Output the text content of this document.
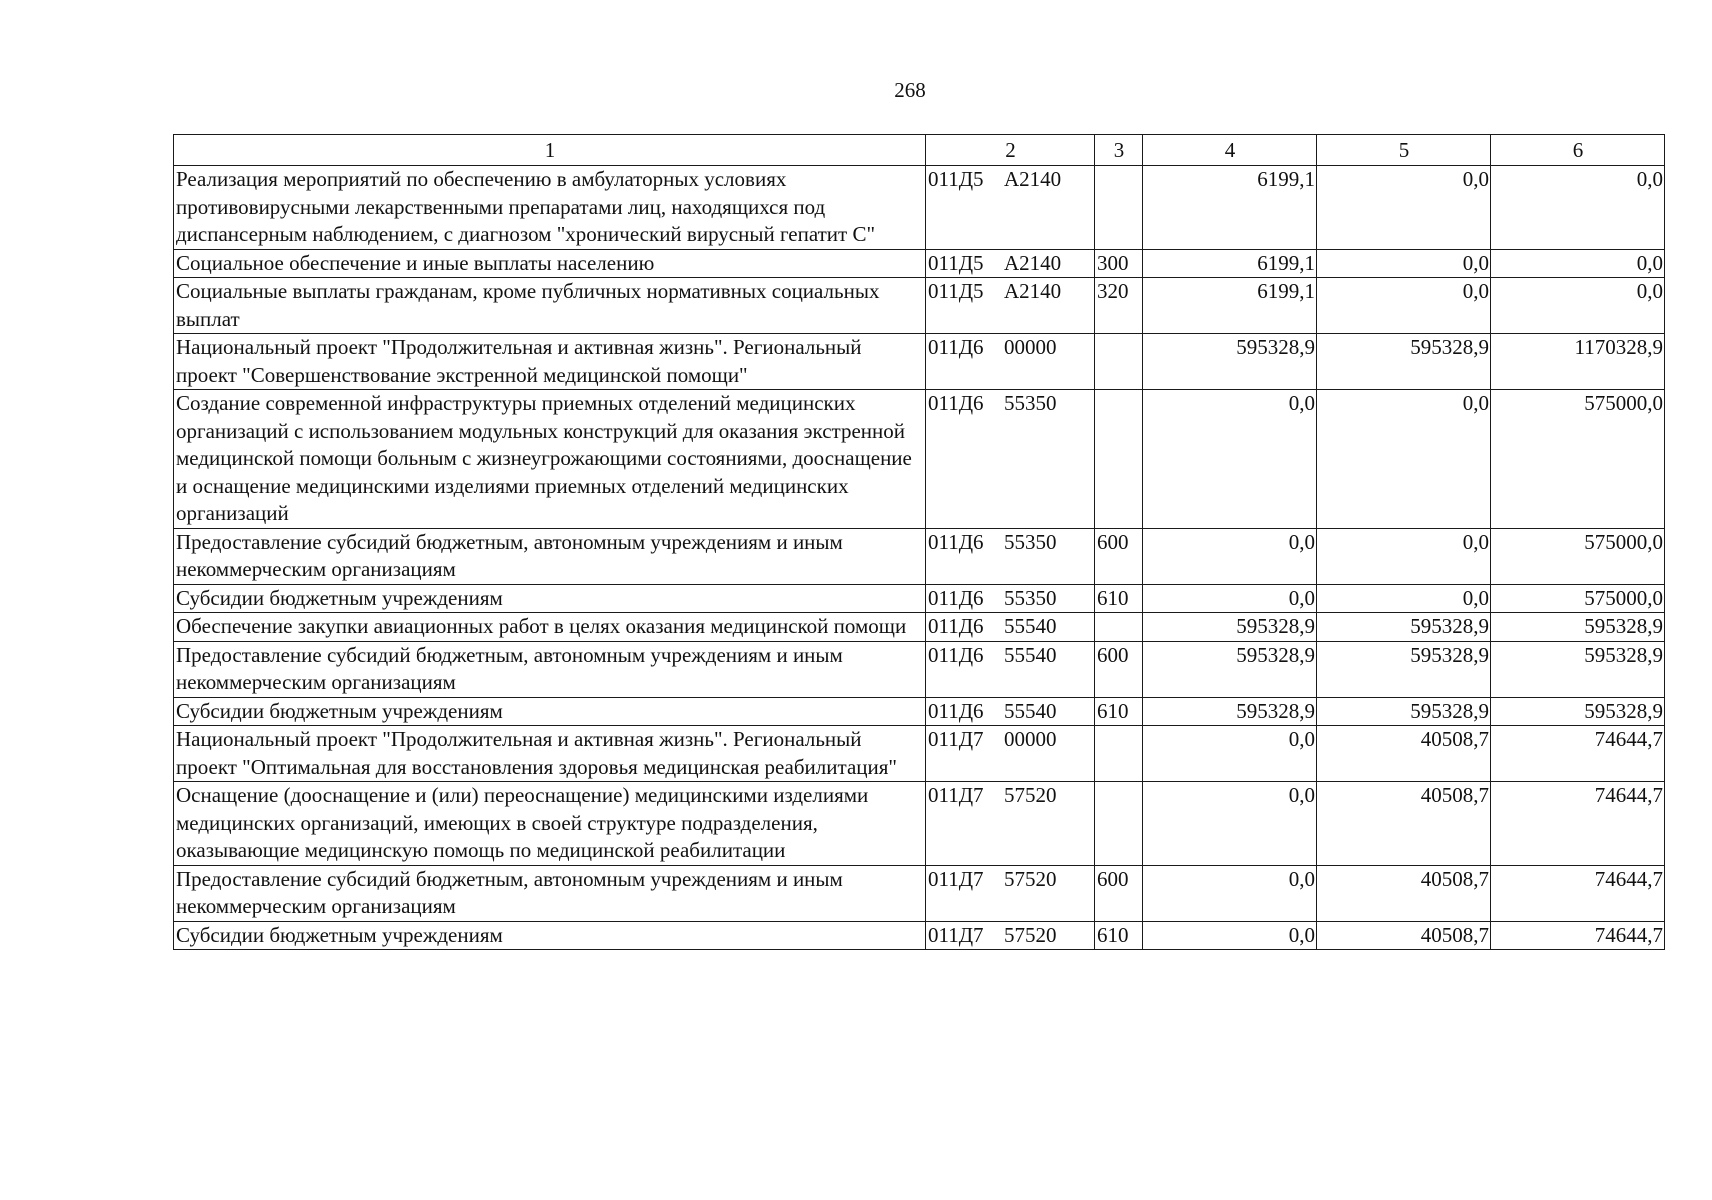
268
1	2	3	4	5	6
Реализация мероприятий по обеспечению в амбулаторных условиях противовирусными лекарственными препаратами лиц, находящихся под диспансерным наблюдением, с диагнозом "хронический вирусный гепатит С"	011Д5 А2140		6199,1	0,0	0,0
Социальное обеспечение и иные выплаты населению	011Д5 А2140	300	6199,1	0,0	0,0
Социальные выплаты гражданам, кроме публичных нормативных социальных выплат	011Д5 А2140	320	6199,1	0,0	0,0
Национальный проект "Продолжительная и активная жизнь". Региональный проект "Совершенствование экстренной медицинской помощи"	011Д6 00000		595328,9	595328,9	1170328,9
Создание современной инфраструктуры приемных отделений медицинских организаций с использованием модульных конструкций для оказания экстренной медицинской помощи больным с жизнеугрожающими состояниями, дооснащение и оснащение медицинскими изделиями приемных отделений медицинских организаций	011Д6 55350		0,0	0,0	575000,0
Предоставление субсидий бюджетным, автономным учреждениям и иным некоммерческим организациям	011Д6 55350	600	0,0	0,0	575000,0
Субсидии бюджетным учреждениям	011Д6 55350	610	0,0	0,0	575000,0
Обеспечение закупки авиационных работ в целях оказания медицинской помощи	011Д6 55540		595328,9	595328,9	595328,9
Предоставление субсидий бюджетным, автономным учреждениям и иным некоммерческим организациям	011Д6 55540	600	595328,9	595328,9	595328,9
Субсидии бюджетным учреждениям	011Д6 55540	610	595328,9	595328,9	595328,9
Национальный проект "Продолжительная и активная жизнь". Региональный проект "Оптимальная для восстановления здоровья медицинская реабилитация"	011Д7 00000		0,0	40508,7	74644,7
Оснащение (дооснащение и (или) переоснащение) медицинскими изделиями медицинских организаций, имеющих в своей структуре подразделения, оказывающие медицинскую помощь по медицинской реабилитации	011Д7 57520		0,0	40508,7	74644,7
Предоставление субсидий бюджетным, автономным учреждениям и иным некоммерческим организациям	011Д7 57520	600	0,0	40508,7	74644,7
Субсидии бюджетным учреждениям	011Д7 57520	610	0,0	40508,7	74644,7
